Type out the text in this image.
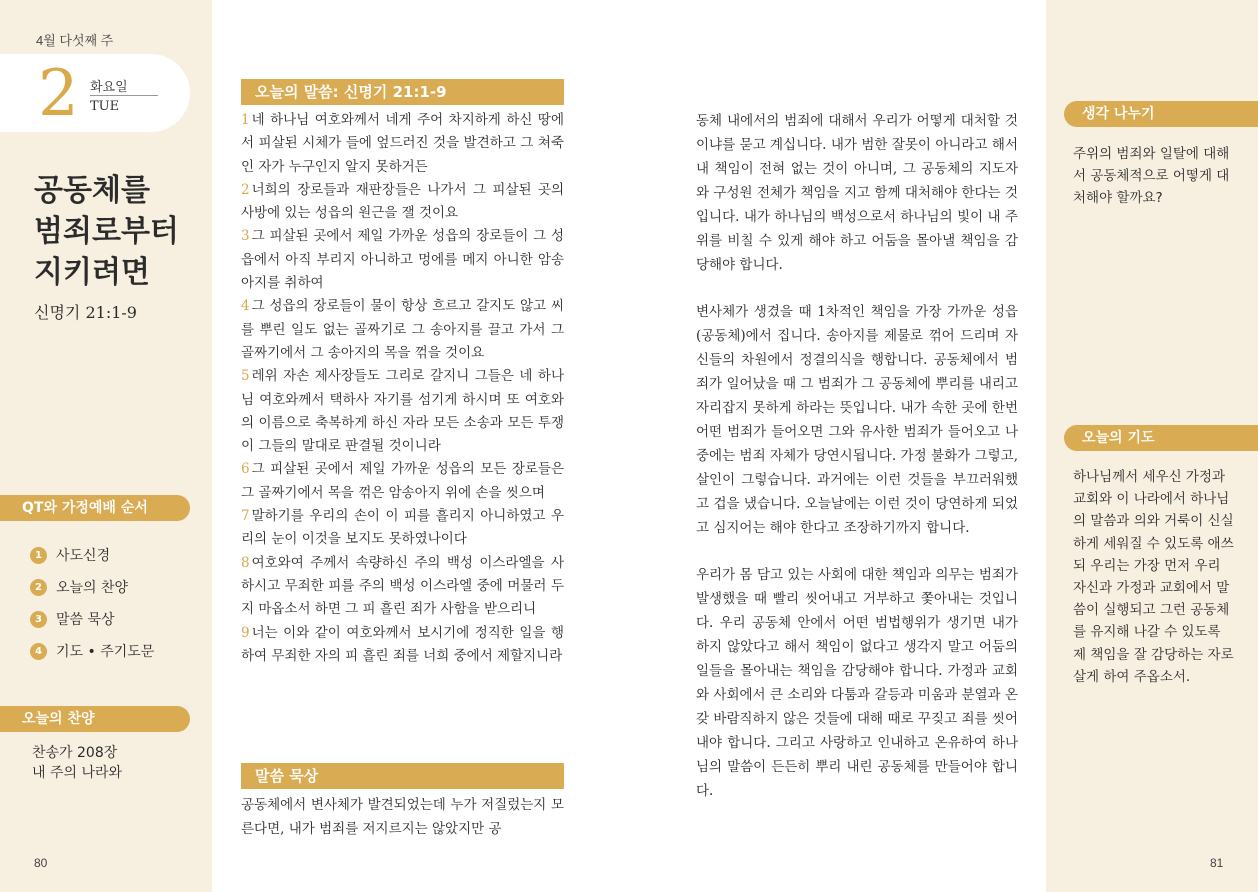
4월 다섯째 주
2 화요일
TUE
공동체를
범죄로부터
지키려면
신명기 21:1-9
QT와 가정예배 순서
1	사도신경
2	오늘의 찬양
3	말씀 묵상
4	기도 • 주기도문
오늘의 찬양
찬송가 208장
내 주의 나라와
80
오늘의 말씀: 신명기 21:1-9
1 네 하나님 여호와께서 네게 주어 차지하게 하신 땅에서 피살된 시체가 들에 엎드러진 것을 발견하고 그 쳐죽인 자가 누구인지 알지 못하거든
2 너희의 장로들과 재판장들은 나가서 그 피살된 곳의 사방에 있는 성읍의 원근을 잴 것이요
3 그 피살된 곳에서 제일 가까운 성읍의 장로들이 그 성읍에서 아직 부리지 아니하고 멍에를 메지 아니한 암송아지를 취하여
4 그 성읍의 장로들이 물이 항상 흐르고 갈지도 않고 씨를 뿌린 일도 없는 골짜기로 그 송아지를 끌고 가서 그 골짜기에서 그 송아지의 목을 꺾을 것이요
5 레위 자손 제사장들도 그리로 갈지니 그들은 네 하나님 여호와께서 택하사 자기를 섬기게 하시며 또 여호와의 이름으로 축복하게 하신 자라 모든 소송과 모든 투쟁이 그들의 말대로 판결될 것이니라
6 그 피살된 곳에서 제일 가까운 성읍의 모든 장로들은 그 골짜기에서 목을 꺾은 암송아지 위에 손을 씻으며
7 말하기를 우리의 손이 이 피를 흘리지 아니하였고 우리의 눈이 이것을 보지도 못하였나이다
8 여호와여 주께서 속량하신 주의 백성 이스라엘을 사하시고 무죄한 피를 주의 백성 이스라엘 중에 머물러 두지 마옵소서 하면 그 피 흘린 죄가 사함을 받으리니
9 너는 이와 같이 여호와께서 보시기에 정직한 일을 행하여 무죄한 자의 피 흘린 죄를 너희 중에서 제할지니라
말씀 묵상
공동체에서 변사체가 발견되었는데 누가 저질렀는지 모른다면, 내가 범죄를 저지르지는 않았지만 공

동체 내에서의 범죄에 대해서 우리가 어떻게 대처할 것이냐를 묻고 계십니다. 내가 범한 잘못이 아니라고 해서 내 책임이 전혀 없는 것이 아니며, 그 공동체의 지도자와 구성원 전체가 책임을 지고 함께 대처해야 한다는 것입니다. 내가 하나님의 백성으로서 하나님의 빛이 내 주위를 비칠 수 있게 해야 하고 어둠을 몰아낼 책임을 감당해야 합니다.

변사체가 생겼을 때 1차적인 책임을 가장 가까운 성읍(공동체)에서 집니다. 송아지를 제물로 꺾어 드리며 자신들의 차원에서 정결의식을 행합니다. 공동체에서 범죄가 일어났을 때 그 범죄가 그 공동체에 뿌리를 내리고 자리잡지 못하게 하라는 뜻입니다. 내가 속한 곳에 한번 어떤 범죄가 들어오면 그와 유사한 범죄가 들어오고 나중에는 범죄 자체가 당연시됩니다. 가정 불화가 그렇고, 살인이 그렇습니다. 과거에는 이런 것들을 부끄러워했고 겁을 냈습니다. 오늘날에는 이런 것이 당연하게 되었고 심지어는 해야 한다고 조장하기까지 합니다.

우리가 몸 담고 있는 사회에 대한 책임과 의무는 범죄가 발생했을 때 빨리 씻어내고 거부하고 쫓아내는 것입니다. 우리 공동체 안에서 어떤 범법행위가 생기면 내가 하지 않았다고 해서 책임이 없다고 생각지 말고 어둠의 일들을 몰아내는 책임을 감당해야 합니다. 가정과 교회와 사회에서 큰 소리와 다툼과 갈등과 미움과 분열과 온갖 바람직하지 않은 것들에 대해 때로 꾸짖고 죄를 씻어내야 합니다. 그리고 사랑하고 인내하고 온유하여 하나님의 말씀이 든든히 뿌리 내린 공동체를 만들어야 합니다.

생각 나누기
주위의 범죄와 일탈에 대해서 공동체적으로 어떻게 대처해야 할까요?
오늘의 기도
하나님께서 세우신 가정과 교회와 이 나라에서 하나님의 말씀과 의와 거룩이 신실하게 세워질 수 있도록 애쓰되 우리는 가장 먼저 우리 자신과 가정과 교회에서 말씀이 실행되고 그런 공동체를 유지해 나갈 수 있도록 제 책임을 잘 감당하는 자로 살게 하여 주옵소서.
81
